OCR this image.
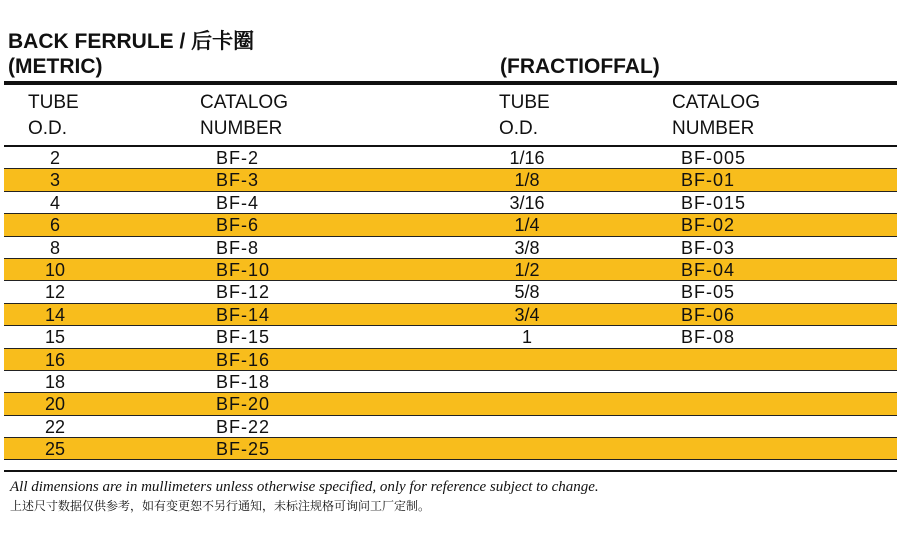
BACK FERRULE / 后卡圈
(METRIC)	(FRACTIOFFAL)
TUBE
O.D.
CATALOG
NUMBER
TUBE
O.D.
CATALOG
NUMBER
2	BF-2	1/16	BF-005
3	BF-3	1/8	BF-01
4	BF-4	3/16	BF-015
6	BF-6	1/4	BF-02
8	BF-8	3/8	BF-03
10	BF-10	1/2	BF-04
12	BF-12	5/8	BF-05
14	BF-14	3/4	BF-06
15	BF-15	1	BF-08
16	BF-16
18	BF-18
20	BF-20
22	BF-22
25	BF-25
All dimensions are in mullimeters unless otherwise specified, only for reference subject to change.
上述尺寸数据仅供参考，如有变更恕不另行通知，未标注规格可询问工厂定制。
